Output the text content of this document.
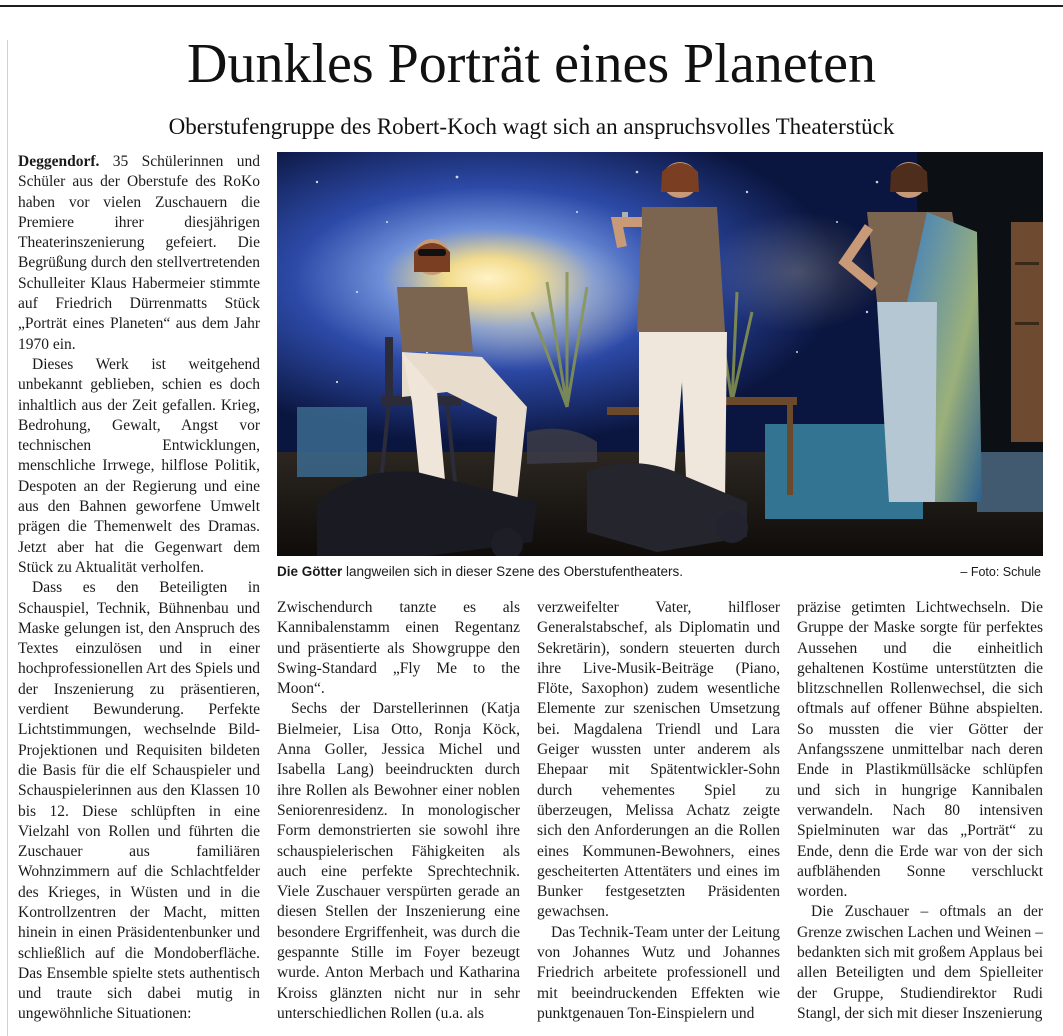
Dunkles Porträt eines Planeten
Oberstufengruppe des Robert-Koch wagt sich an anspruchsvolles Theaterstück
Die Götter langweilen sich in dieser Szene des Oberstufentheaters.	– Foto: Schule

Deggendorf. 35 Schülerinnen und Schüler aus der Oberstufe des RoKo haben vor vielen Zuschauern die Premiere ihrer diesjährigen Theaterinszenierung gefeiert. Die Begrüßung durch den stellvertretenden Schulleiter Klaus Habermeier stimmte auf Friedrich Dürrenmatts Stück „Porträt eines Planeten“ aus dem Jahr 1970 ein.

Dieses Werk ist weitgehend unbekannt geblieben, schien es doch inhaltlich aus der Zeit gefallen. Krieg, Bedrohung, Gewalt, Angst vor technischen Entwicklungen, menschliche Irrwege, hilflose Politik, Despoten an der Regierung und eine aus den Bahnen geworfene Umwelt prägen die Themenwelt des Dramas. Jetzt aber hat die Gegenwart dem Stück zu Aktualität verholfen.

Dass es den Beteiligten in Schauspiel, Technik, Bühnenbau und Maske gelungen ist, den Anspruch des Textes einzulösen und in einer hochprofessionellen Art des Spiels und der Inszenierung zu präsentieren, verdient Bewunderung. Perfekte Lichtstimmungen, wechselnde Bild-Projektionen und Requisiten bildeten die Basis für die elf Schauspieler und Schauspielerinnen aus den Klassen 10 bis 12. Diese schlüpften in eine Vielzahl von Rollen und führten die Zuschauer aus familiären Wohnzimmern auf die Schlachtfelder des Krieges, in Wüsten und in die Kontrollzentren der Macht, mitten hinein in einen Präsidentenbunker und schließlich auf die Mondoberfläche. Das Ensemble spielte stets authentisch und traute sich dabei mutig in ungewöhnliche Situationen:

Zwischendurch tanzte es als Kannibalenstamm einen Regentanz und präsentierte als Showgruppe den Swing-Standard „Fly Me to the Moon“.

Sechs der Darstellerinnen (Katja Bielmeier, Lisa Otto, Ronja Köck, Anna Goller, Jessica Michel und Isabella Lang) beeindruckten durch ihre Rollen als Bewohner einer noblen Seniorenresidenz. In monologischer Form demonstrierten sie sowohl ihre schauspielerischen Fähigkeiten als auch eine perfekte Sprechtechnik. Viele Zuschauer verspürten gerade an diesen Stellen der Inszenierung eine besondere Ergriffenheit, was durch die gespannte Stille im Foyer bezeugt wurde. Anton Merbach und Katharina Kroiss glänzten nicht nur in sehr unterschiedlichen Rollen (u.a. als

verzweifelter Vater, hilfloser Generalstabschef, als Diplomatin und Sekretärin), sondern steuerten durch ihre Live-Musik-Beiträge (Piano, Flöte, Saxophon) zudem wesentliche Elemente zur szenischen Umsetzung bei. Magdalena Triendl und Lara Geiger wussten unter anderem als Ehepaar mit Spätentwickler-Sohn durch vehementes Spiel zu überzeugen, Melissa Achatz zeigte sich den Anforderungen an die Rollen eines Kommunen-Bewohners, eines gescheiterten Attentäters und eines im Bunker festgesetzten Präsidenten gewachsen.

Das Technik-Team unter der Leitung von Johannes Wutz und Johannes Friedrich arbeitete professionell und mit beeindruckenden Effekten wie punktgenauen Ton-Einspielern und

präzise getimten Lichtwechseln. Die Gruppe der Maske sorgte für perfektes Aussehen und die einheitlich gehaltenen Kostüme unterstützten die blitzschnellen Rollenwechsel, die sich oftmals auf offener Bühne abspielten. So mussten die vier Götter der Anfangsszene unmittelbar nach deren Ende in Plastikmüllsäcke schlüpfen und sich in hungrige Kannibalen verwandeln. Nach 80 intensiven Spielminuten war das „Porträt“ zu Ende, denn die Erde war von der sich aufblähenden Sonne verschluckt worden.

Die Zuschauer – oftmals an der Grenze zwischen Lachen und Weinen – bedankten sich mit großem Applaus bei allen Beteiligten und dem Spielleiter der Gruppe, Studiendirektor Rudi Stangl, der sich mit dieser Inszenierung
